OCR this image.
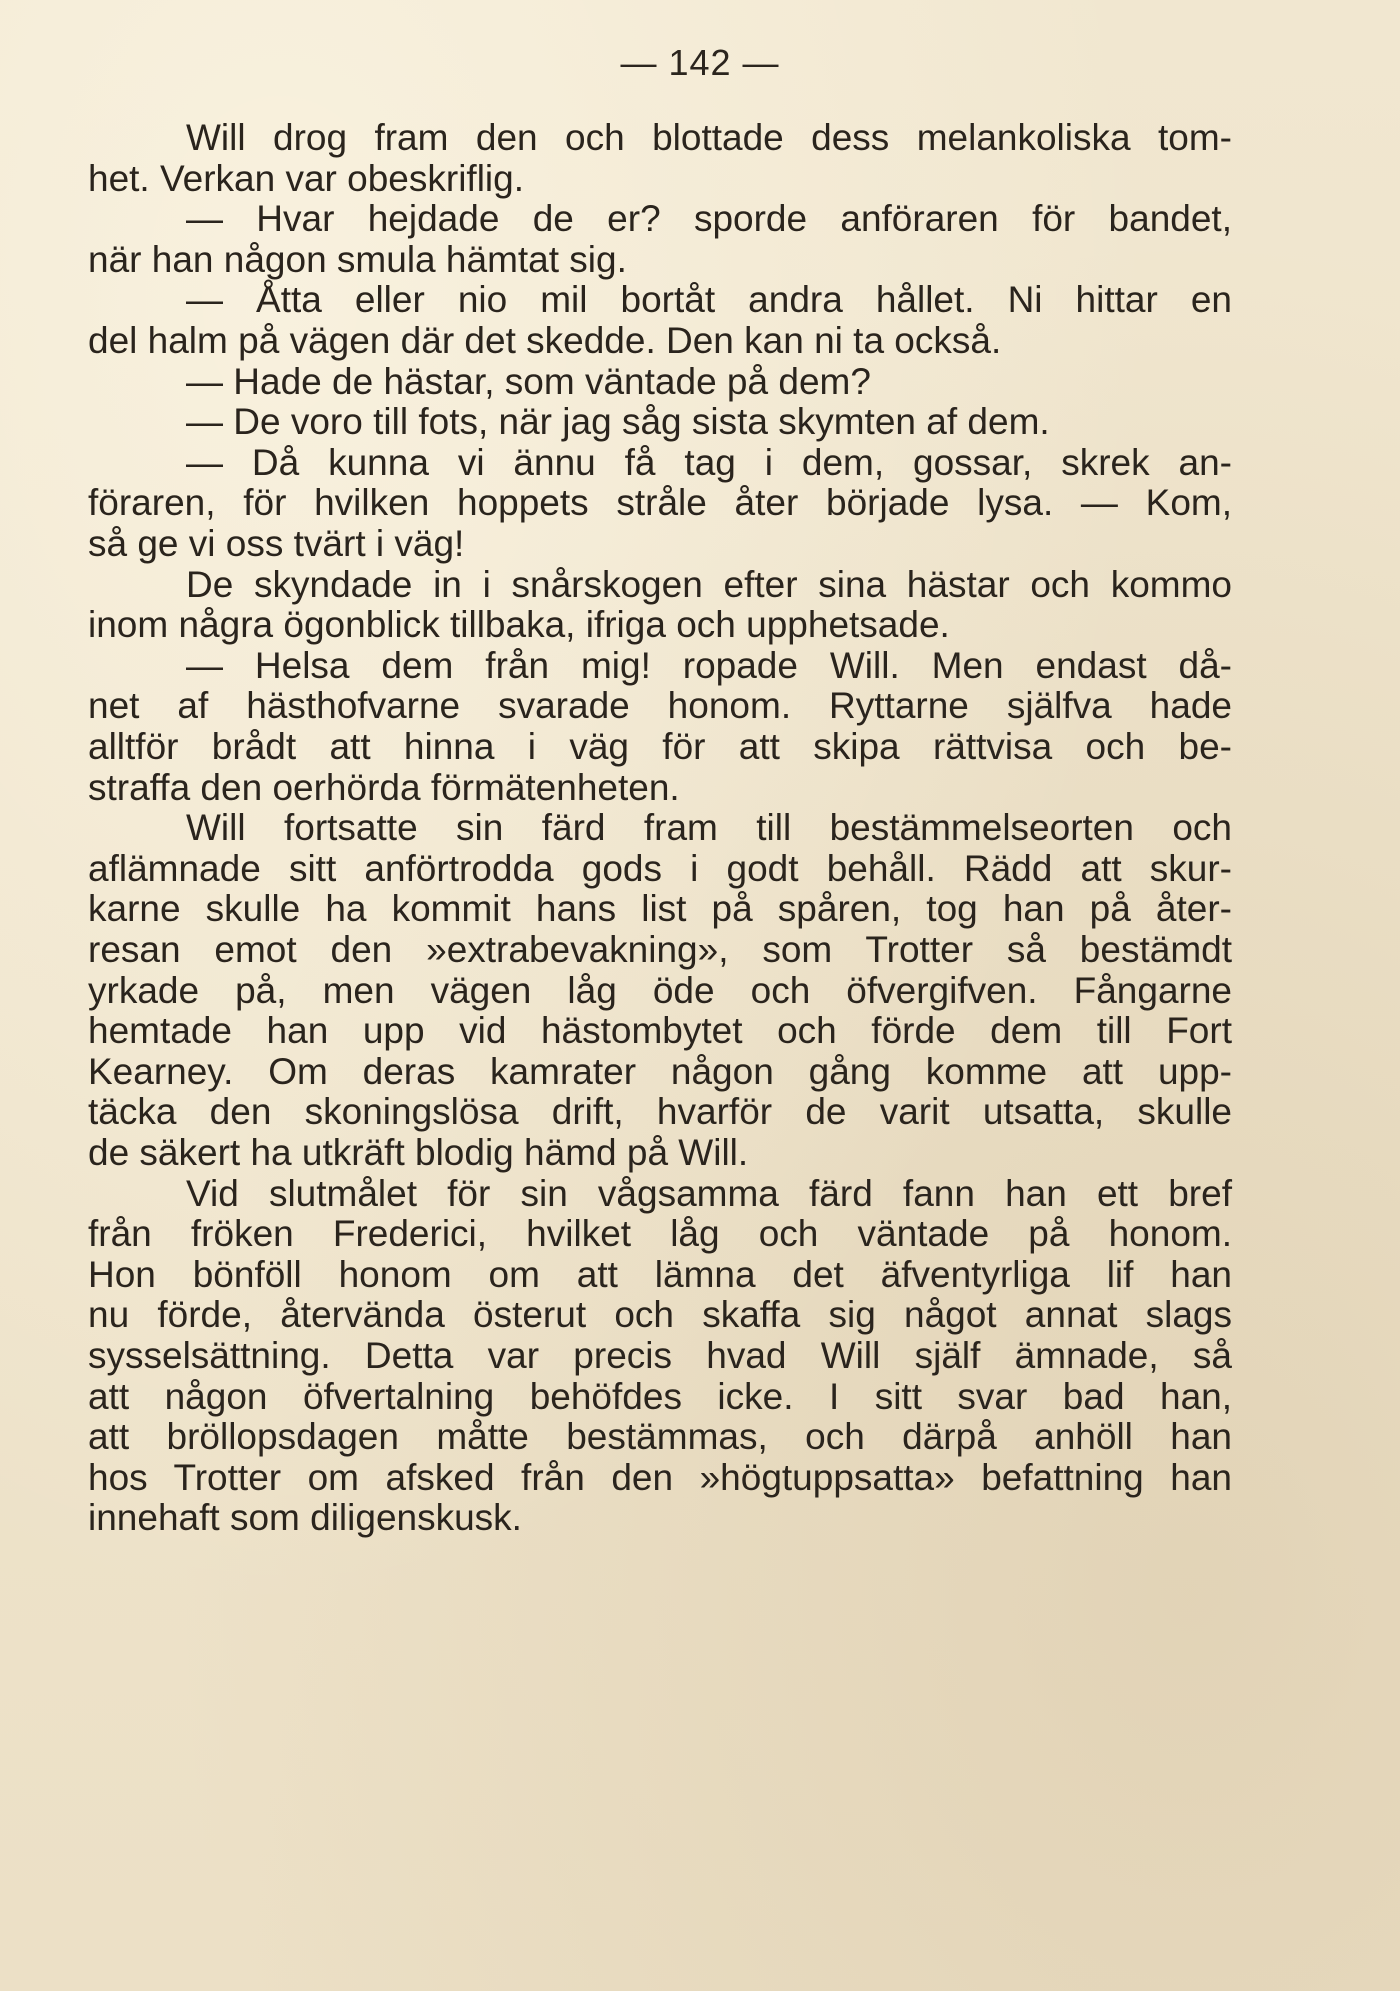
— 142 —
Will drog fram den och blottade dess melankoliska tom-
het. Verkan var obeskriflig.
— Hvar hejdade de er? sporde anföraren för bandet,
när han någon smula hämtat sig.
— Åtta eller nio mil bortåt andra hållet. Ni hittar en
del halm på vägen där det skedde. Den kan ni ta också.
— Hade de hästar, som väntade på dem?
— De voro till fots, när jag såg sista skymten af dem.
— Då kunna vi ännu få tag i dem, gossar, skrek an-
föraren, för hvilken hoppets stråle åter började lysa. — Kom,
så ge vi oss tvärt i väg!
De skyndade in i snårskogen efter sina hästar och kommo
inom några ögonblick tillbaka, ifriga och upphetsade.
— Helsa dem från mig! ropade Will. Men endast då-
net af hästhofvarne svarade honom. Ryttarne själfva hade
alltför brådt att hinna i väg för att skipa rättvisa och be-
straffa den oerhörda förmätenheten.
Will fortsatte sin färd fram till bestämmelseorten och
aflämnade sitt anförtrodda gods i godt behåll. Rädd att skur-
karne skulle ha kommit hans list på spåren, tog han på åter-
resan emot den »extrabevakning», som Trotter så bestämdt
yrkade på, men vägen låg öde och öfvergifven. Fångarne
hemtade han upp vid hästombytet och förde dem till Fort
Kearney. Om deras kamrater någon gång komme att upp-
täcka den skoningslösa drift, hvarför de varit utsatta, skulle
de säkert ha utkräft blodig hämd på Will.
Vid slutmålet för sin vågsamma färd fann han ett bref
från fröken Frederici, hvilket låg och väntade på honom.
Hon bönföll honom om att lämna det äfventyrliga lif han
nu förde, återvända österut och skaffa sig något annat slags
sysselsättning. Detta var precis hvad Will själf ämnade, så
att någon öfvertalning behöfdes icke. I sitt svar bad han,
att bröllopsdagen måtte bestämmas, och därpå anhöll han
hos Trotter om afsked från den »högtuppsatta» befattning han
innehaft som diligenskusk.
